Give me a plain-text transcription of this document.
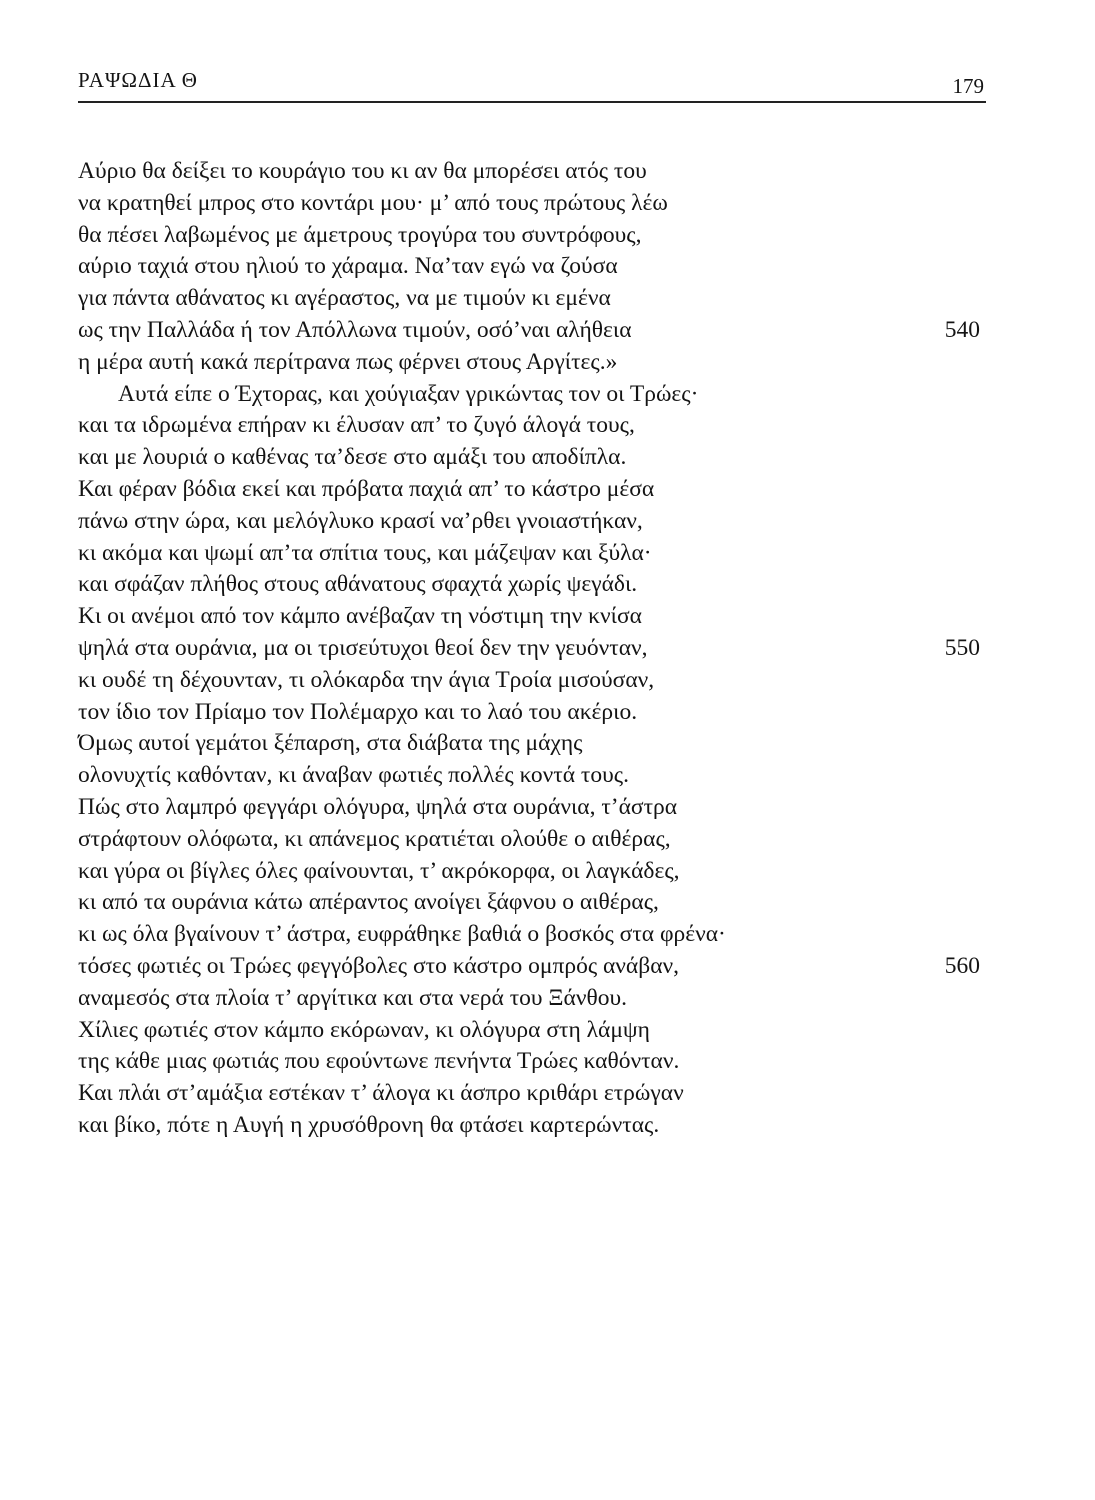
ΡΑΨΩΔΙΑ Θ	179
Αύριο θα δείξει το κουράγιο του κι αν θα μπορέσει ατός του
να κρατηθεί μπρος στο κοντάρι μου· μ’ από τους πρώτους λέω
θα πέσει λαβωμένος με άμετρους τρογύρα του συντρόφους,
αύριο ταχιά στου ηλιού το χάραμα. Να’ταν εγώ να ζούσα
για πάντα αθάνατος κι αγέραστος, να με τιμούν κι εμένα
ως την Παλλάδα ή τον Απόλλωνα τιμούν, οσό’ναι αλήθεια	540
η μέρα αυτή κακά περίτρανα πως φέρνει στους Αργίτες.»
Αυτά είπε ο Έχτορας, και χούγιαξαν γρικώντας τον οι Τρώες·
και τα ιδρωμένα επήραν κι έλυσαν απ’ το ζυγό άλογά τους,
και με λουριά ο καθένας τα’δεσε στο αμάξι του αποδίπλα.
Και φέραν βόδια εκεί και πρόβατα παχιά απ’ το κάστρο μέσα
πάνω στην ώρα, και μελόγλυκο κρασί να’ρθει γνοιαστήκαν,
κι ακόμα και ψωμί απ’τα σπίτια τους, και μάζεψαν και ξύλα·
και σφάζαν πλήθος στους αθάνατους σφαχτά χωρίς ψεγάδι.
Κι οι ανέμοι από τον κάμπο ανέβαζαν τη νόστιμη την κνίσα
ψηλά στα ουράνια, μα οι τρισεύτυχοι θεοί δεν την γευόνταν,	550
κι ουδέ τη δέχουνταν, τι ολόκαρδα την άγια Τροία μισούσαν,
τον ίδιο τον Πρίαμο τον Πολέμαρχο και το λαό του ακέριο.
Όμως αυτοί γεμάτοι ξέπαρση, στα διάβατα της μάχης
ολονυχτίς καθόνταν, κι άναβαν φωτιές πολλές κοντά τους.
Πώς στο λαμπρό φεγγάρι ολόγυρα, ψηλά στα ουράνια, τ’άστρα
στράφτουν ολόφωτα, κι απάνεμος κρατιέται ολούθε ο αιθέρας,
και γύρα οι βίγλες όλες φαίνουνται, τ’ ακρόκορφα, οι λαγκάδες,
κι από τα ουράνια κάτω απέραντος ανοίγει ξάφνου ο αιθέρας,
κι ως όλα βγαίνουν τ’ άστρα, ευφράθηκε βαθιά ο βοσκός στα φρένα·
τόσες φωτιές οι Τρώες φεγγόβολες στο κάστρο ομπρός ανάβαν,	560
αναμεσός στα πλοία τ’ αργίτικα και στα νερά του Ξάνθου.
Χίλιες φωτιές στον κάμπο εκόρωναν, κι ολόγυρα στη λάμψη
της κάθε μιας φωτιάς που εφούντωνε πενήντα Τρώες καθόνταν.
Και πλάι στ’αμάξια εστέκαν τ’ άλογα κι άσπρο κριθάρι ετρώγαν
και βίκο, πότε η Αυγή η χρυσόθρονη θα φτάσει καρτερώντας.
